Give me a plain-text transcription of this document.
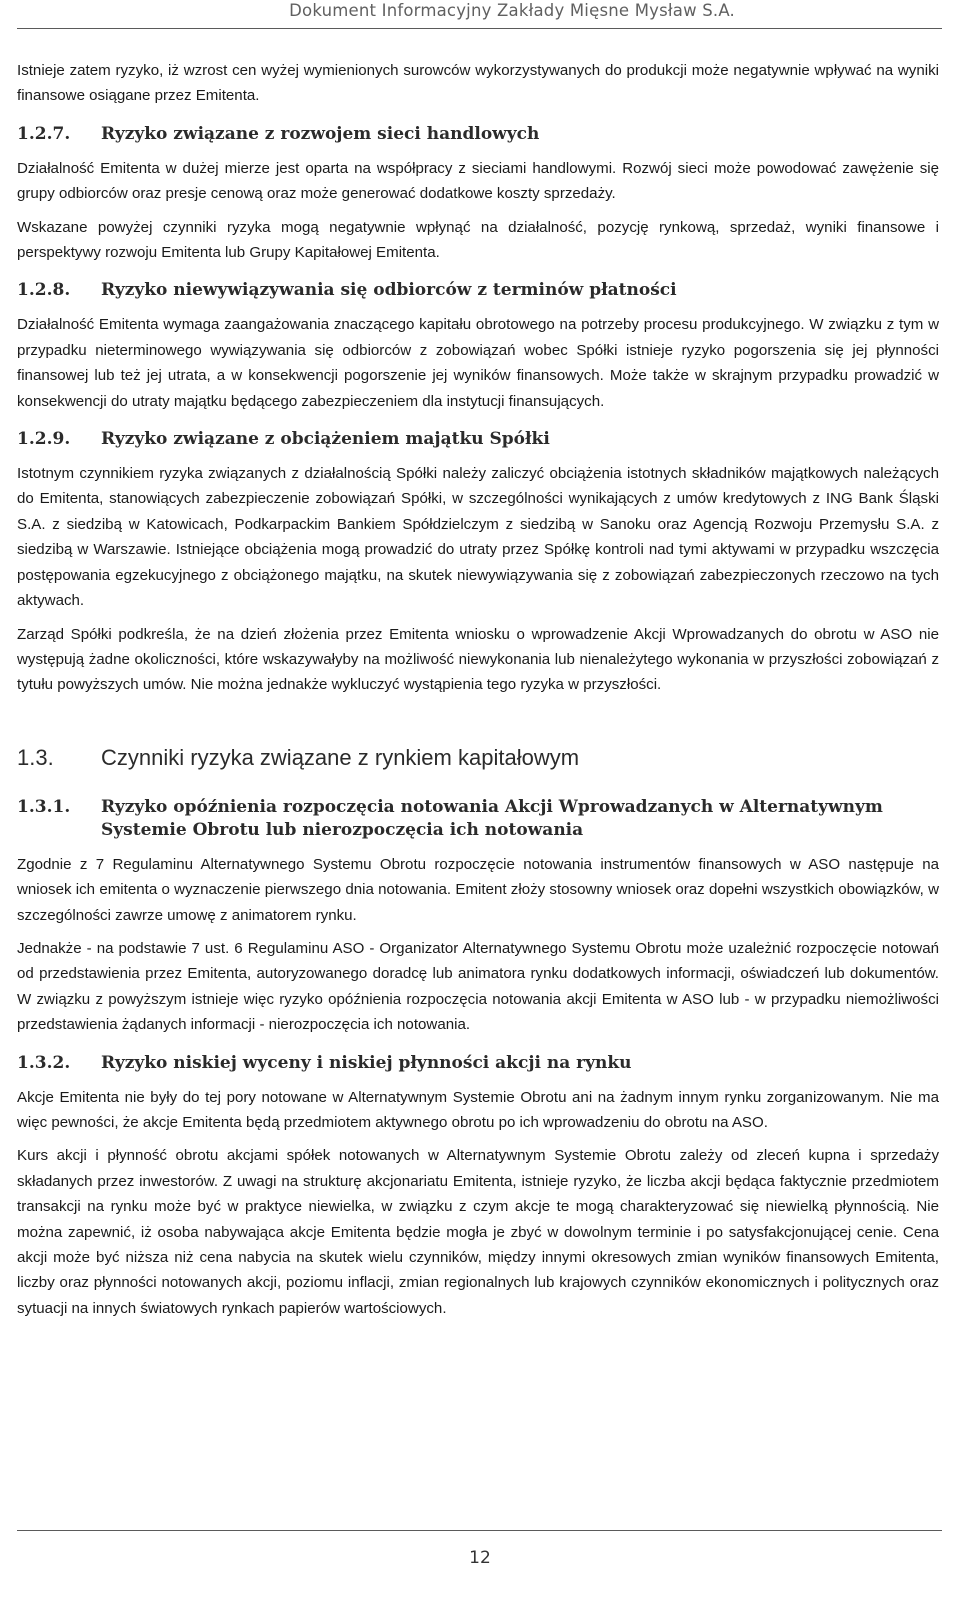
Dokument Informacyjny Zakłady Mięsne Mysław S.A.

Istnieje zatem ryzyko, iż wzrost cen wyżej wymienionych surowców wykorzystywanych do produkcji może negatywnie wpływać na wyniki finansowe osiągane przez Emitenta.

1.2.7.	Ryzyko związane z rozwojem sieci handlowych

Działalność Emitenta w dużej mierze jest oparta na współpracy z sieciami handlowymi. Rozwój sieci może powodować zawężenie się grupy odbiorców oraz presje cenową oraz może generować dodatkowe koszty sprzedaży.

Wskazane powyżej czynniki ryzyka mogą negatywnie wpłynąć na działalność, pozycję rynkową, sprzedaż, wyniki finansowe i perspektywy rozwoju Emitenta lub Grupy Kapitałowej Emitenta.

1.2.8.	Ryzyko niewywiązywania się odbiorców z terminów płatności

Działalność Emitenta wymaga zaangażowania znaczącego kapitału obrotowego na potrzeby procesu produkcyjnego. W związku z tym w przypadku nieterminowego wywiązywania się odbiorców z zobowiązań wobec Spółki istnieje ryzyko pogorszenia się jej płynności finansowej lub też jej utrata, a w konsekwencji pogorszenie jej wyników finansowych. Może także w skrajnym przypadku prowadzić w konsekwencji do utraty majątku będącego zabezpieczeniem dla instytucji finansujących.

1.2.9.	Ryzyko związane z obciążeniem majątku Spółki

Istotnym czynnikiem ryzyka związanych z działalnością Spółki należy zaliczyć obciążenia istotnych składników majątkowych należących do Emitenta, stanowiących zabezpieczenie zobowiązań Spółki, w szczególności wynikających z umów kredytowych z ING Bank Śląski S.A. z siedzibą w Katowicach, Podkarpackim Bankiem Spółdzielczym z siedzibą w Sanoku oraz Agencją Rozwoju Przemysłu S.A. z siedzibą w Warszawie. Istniejące obciążenia mogą prowadzić do utraty przez Spółkę kontroli nad tymi aktywami w przypadku wszczęcia postępowania egzekucyjnego z obciążonego majątku, na skutek niewywiązywania się z zobowiązań zabezpieczonych rzeczowo na tych aktywach.

Zarząd Spółki podkreśla, że na dzień złożenia przez Emitenta wniosku o wprowadzenie Akcji Wprowadzanych do obrotu w ASO nie występują żadne okoliczności, które wskazywałyby na możliwość niewykonania lub nienależytego wykonania w przyszłości zobowiązań z tytułu powyższych umów. Nie można jednakże wykluczyć wystąpienia tego ryzyka w przyszłości.

1.3.	Czynniki ryzyka związane z rynkiem kapitałowym
1.3.1.	Ryzyko opóźnienia rozpoczęcia notowania Akcji Wprowadzanych w Alternatywnym Systemie Obrotu lub nierozpoczęcia ich notowania

Zgodnie z 7 Regulaminu Alternatywnego Systemu Obrotu rozpoczęcie notowania instrumentów finansowych w ASO następuje na wniosek ich emitenta o wyznaczenie pierwszego dnia notowania. Emitent złoży stosowny wniosek oraz dopełni wszystkich obowiązków, w szczególności zawrze umowę z animatorem rynku.

Jednakże - na podstawie 7 ust. 6 Regulaminu ASO - Organizator Alternatywnego Systemu Obrotu może uzależnić rozpoczęcie notowań od przedstawienia przez Emitenta, autoryzowanego doradcę lub animatora rynku dodatkowych informacji, oświadczeń lub dokumentów. W związku z powyższym istnieje więc ryzyko opóźnienia rozpoczęcia notowania akcji Emitenta w ASO lub - w przypadku niemożliwości przedstawienia żądanych informacji - nierozpoczęcia ich notowania.

1.3.2.	Ryzyko niskiej wyceny i niskiej płynności akcji na rynku

Akcje Emitenta nie były do tej pory notowane w Alternatywnym Systemie Obrotu ani na żadnym innym rynku zorganizowanym. Nie ma więc pewności, że akcje Emitenta będą przedmiotem aktywnego obrotu po ich wprowadzeniu do obrotu na ASO.

Kurs akcji i płynność obrotu akcjami spółek notowanych w Alternatywnym Systemie Obrotu zależy od zleceń kupna i sprzedaży składanych przez inwestorów. Z uwagi na strukturę akcjonariatu Emitenta, istnieje ryzyko, że liczba akcji będąca faktycznie przedmiotem transakcji na rynku może być w praktyce niewielka, w związku z czym akcje te mogą charakteryzować się niewielką płynnością. Nie można zapewnić, iż osoba nabywająca akcje Emitenta będzie mogła je zbyć w dowolnym terminie i po satysfakcjonującej cenie. Cena akcji może być niższa niż cena nabycia na skutek wielu czynników, między innymi okresowych zmian wyników finansowych Emitenta, liczby oraz płynności notowanych akcji, poziomu inflacji, zmian regionalnych lub krajowych czynników ekonomicznych i politycznych oraz sytuacji na innych światowych rynkach papierów wartościowych.

12
